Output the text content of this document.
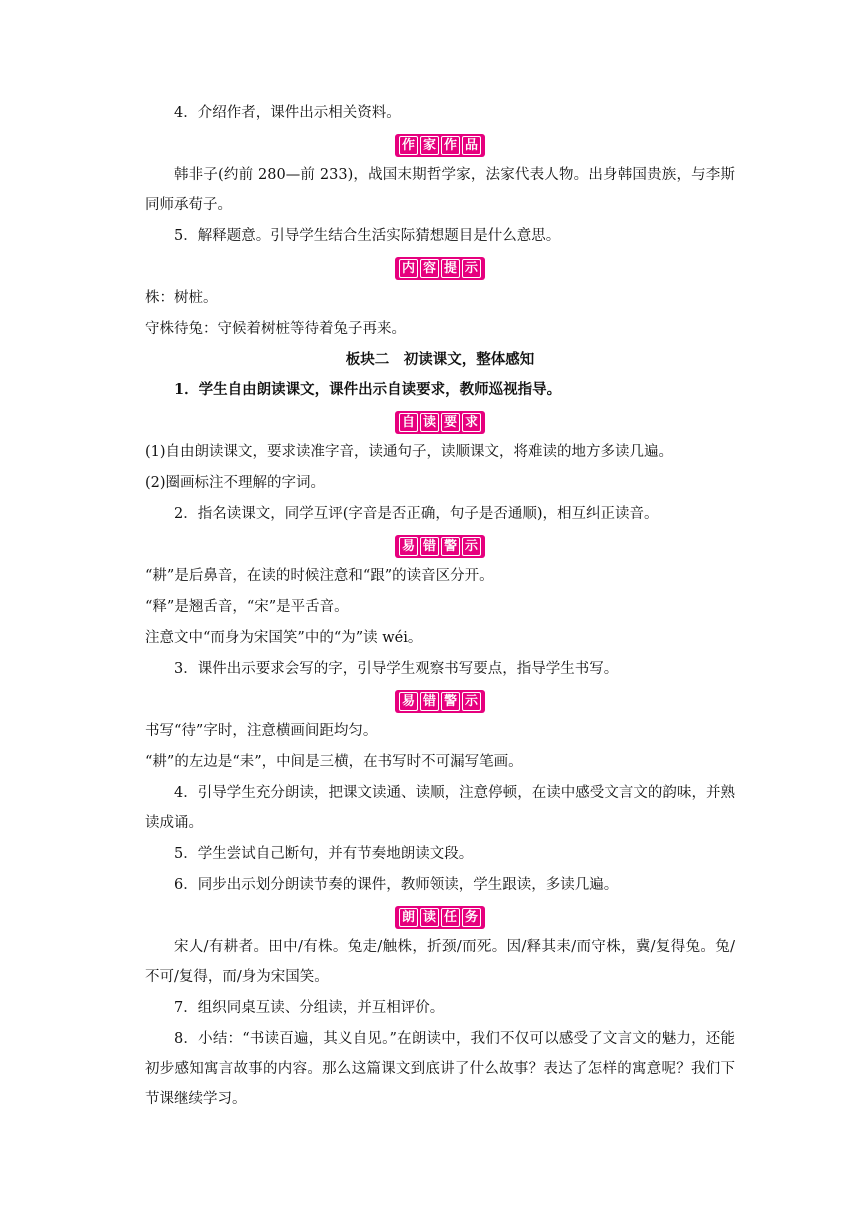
4．介绍作者，课件出示相关资料。

作 家 作 品

韩非子(约前 280—前 233)，战国末期哲学家，法家代表人物。出身韩国贵族，与李斯同师承荀子。

5．解释题意。引导学生结合生活实际猜想题目是什么意思。

内 容 提 示

株：树桩。

守株待兔：守候着树桩等待着兔子再来。

板块二　初读课文，整体感知

1．学生自由朗读课文，课件出示自读要求，教师巡视指导。

自 读 要 求

(1)自由朗读课文，要求读准字音，读通句子，读顺课文，将难读的地方多读几遍。

(2)圈画标注不理解的字词。

2．指名读课文，同学互评(字音是否正确，句子是否通顺)，相互纠正读音。

易 错 警 示

“耕”是后鼻音，在读的时候注意和“跟”的读音区分开。

“释”是翘舌音，“宋”是平舌音。

注意文中“而身为宋国笑”中的“为”读 wéi。

3．课件出示要求会写的字，引导学生观察书写要点，指导学生书写。

易 错 警 示

书写“待”字时，注意横画间距均匀。

“耕”的左边是“耒”，中间是三横，在书写时不可漏写笔画。

4．引导学生充分朗读，把课文读通、读顺，注意停顿，在读中感受文言文的韵味，并熟读成诵。

5．学生尝试自己断句，并有节奏地朗读文段。

6．同步出示划分朗读节奏的课件，教师领读，学生跟读，多读几遍。

朗 读 任 务

宋人/有耕者。田中/有株。兔走/触株，折颈/而死。因/释其耒/而守株，冀/复得兔。兔/不可/复得，而/身为宋国笑。

7．组织同桌互读、分组读，并互相评价。

8．小结：“书读百遍，其义自见。”在朗读中，我们不仅可以感受了文言文的魅力，还能初步感知寓言故事的内容。那么这篇课文到底讲了什么故事？表达了怎样的寓意呢？我们下节课继续学习。
